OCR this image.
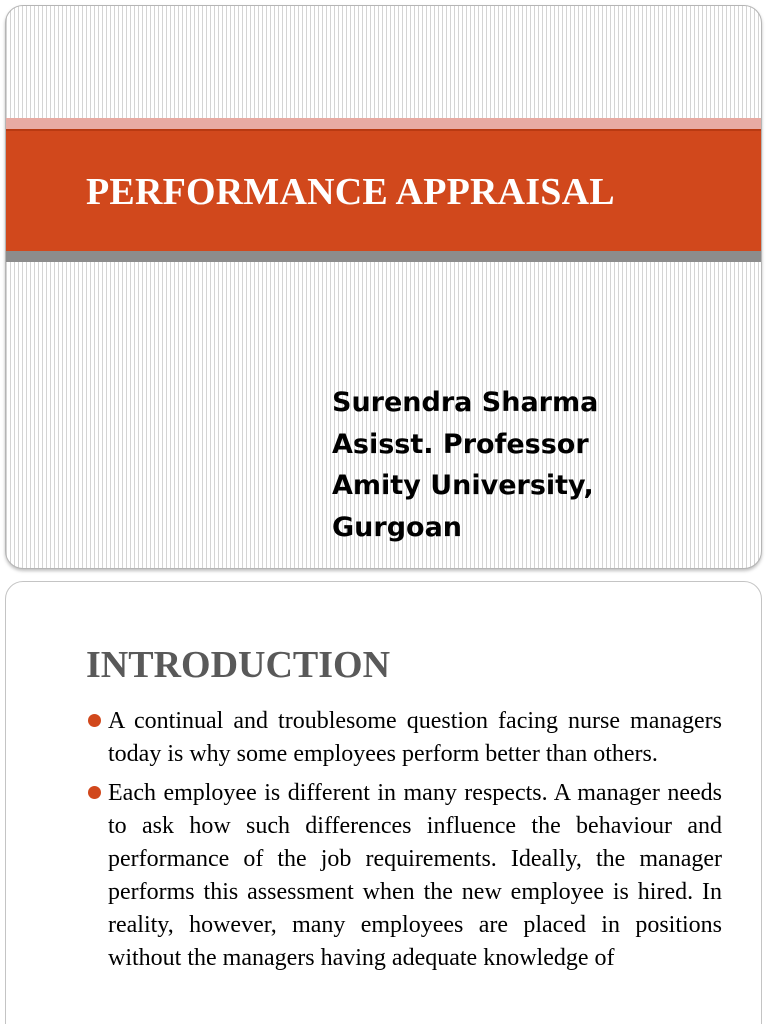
PERFORMANCE APPRAISAL
Surendra Sharma
Asisst. Professor
Amity University,
Gurgoan
INTRODUCTION
A continual and troublesome question facing nurse managers today is why some employees perform better than others.
Each employee is different in many respects. A manager needs to ask how such differences influence the behaviour and performance of the job requirements. Ideally, the manager performs this assessment when the new employee is hired. In reality, however, many employees are placed in positions without the managers having adequate knowledge of
